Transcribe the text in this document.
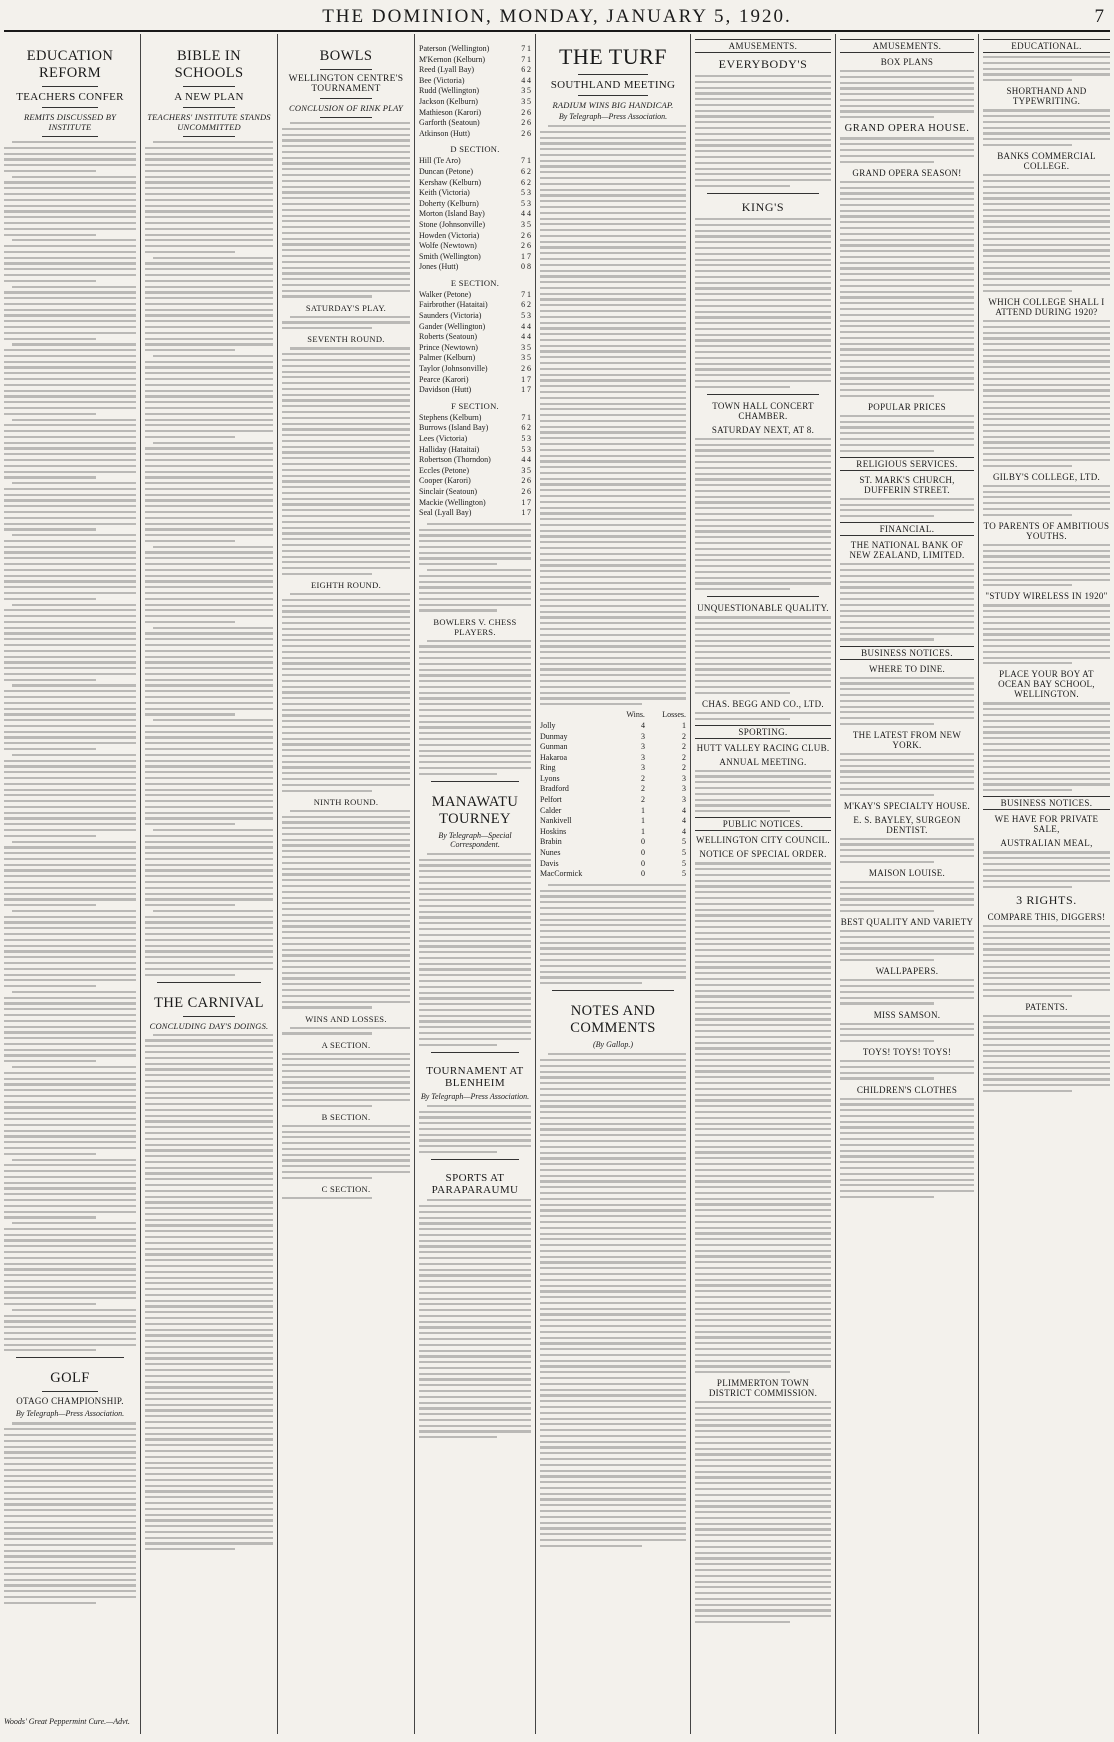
THE DOMINION, MONDAY, JANUARY 5, 1920.	7
EDUCATION REFORM
TEACHERS CONFER
REMITS DISCUSSED BY INSTITUTE
GOLF
OTAGO CHAMPIONSHIP.
By Telegraph—Press Association.
Woods' Great Peppermint Cure.—Advt.
BIBLE IN SCHOOLS
A NEW PLAN
TEACHERS' INSTITUTE STANDS UNCOMMITTED
THE CARNIVAL
CONCLUDING DAY'S DOINGS.
BOWLS
WELLINGTON CENTRE'S TOURNAMENT
CONCLUSION OF RINK PLAY
SATURDAY'S PLAY.
SEVENTH ROUND.
EIGHTH ROUND.
NINTH ROUND.
WINS AND LOSSES.
A SECTION.
B SECTION.
C SECTION.
Paterson (Wellington)	7	1
M'Kernon (Kelburn)	7	1
Reed (Lyall Bay)	6	2
Bee (Victoria)	4	4
Rudd (Wellington)	3	5
Jackson (Kelburn)	3	5
Mathieson (Karori)	2	6
Garforth (Seatoun)	2	6
Atkinson (Hutt)	2	6
D SECTION.
Hill (Te Aro)	7	1
Duncan (Petone)	6	2
Kershaw (Kelburn)	6	2
Keith (Victoria)	5	3
Doherty (Kelburn)	5	3
Morton (Island Bay)	4	4
Stone (Johnsonville)	3	5
Howden (Victoria)	2	6
Wolfe (Newtown)	2	6
Smith (Wellington)	1	7
Jones (Hutt)	0	8
E SECTION.
Walker (Petone)	7	1
Fairbrother (Hataitai)	6	2
Saunders (Victoria)	5	3
Gander (Wellington)	4	4
Roberts (Seatoun)	4	4
Prince (Newtown)	3	5
Palmer (Kelburn)	3	5
Taylor (Johnsonville)	2	6
Pearce (Karori)	1	7
Davidson (Hutt)	1	7
F SECTION.
Stephens (Kelburn)	7	1
Burrows (Island Bay)	6	2
Lees (Victoria)	5	3
Halliday (Hataitai)	5	3
Robertson (Thorndon)	4	4
Eccles (Petone)	3	5
Cooper (Karori)	2	6
Sinclair (Seatoun)	2	6
Mackie (Wellington)	1	7
Seal (Lyall Bay)	1	7
BOWLERS V. CHESS PLAYERS.
MANAWATU TOURNEY
By Telegraph—Special Correspondent.
TOURNAMENT AT BLENHEIM
By Telegraph—Press Association.
SPORTS AT PARAPARAUMU
THE TURF
SOUTHLAND MEETING
RADIUM WINS BIG HANDICAP.
By Telegraph—Press Association.
	Wins.	Losses.
Jolly	4	1
Dunmay	3	2
Gunman	3	2
Hakaroa	3	2
Ring	3	2
Lyons	2	3
Bradford	2	3
Pelfort	2	3
Calder	1	4
Nankivell	1	4
Hoskins	1	4
Brabin	0	5
Nunes	0	5
Davis	0	5
MacCormick	0	5
NOTES AND COMMENTS
(By Gallop.)
AMUSEMENTS.
EVERYBODY'S
KING'S
TOWN HALL CONCERT CHAMBER.
SATURDAY NEXT, AT 8.
UNQUESTIONABLE QUALITY.
CHAS. BEGG AND CO., LTD.
SPORTING.
HUTT VALLEY RACING CLUB.
ANNUAL MEETING.
PUBLIC NOTICES.
WELLINGTON CITY COUNCIL.
NOTICE OF SPECIAL ORDER.
PLIMMERTON TOWN DISTRICT COMMISSION.
AMUSEMENTS.
BOX PLANS
GRAND OPERA HOUSE.
GRAND OPERA SEASON!
POPULAR PRICES
RELIGIOUS SERVICES.
ST. MARK'S CHURCH, DUFFERIN STREET.
FINANCIAL.
THE NATIONAL BANK OF NEW ZEALAND, LIMITED.
BUSINESS NOTICES.
WHERE TO DINE.
THE LATEST FROM NEW YORK.
M'KAY'S SPECIALTY HOUSE.
E. S. BAYLEY, SURGEON DENTIST.
MAISON LOUISE.
BEST QUALITY AND VARIETY
WALLPAPERS.
MISS SAMSON.
TOYS! TOYS! TOYS!
CHILDREN'S CLOTHES
EDUCATIONAL.
SHORTHAND AND TYPEWRITING.
BANKS COMMERCIAL COLLEGE.
WHICH COLLEGE SHALL I ATTEND DURING 1920?
GILBY'S COLLEGE, LTD.
TO PARENTS OF AMBITIOUS YOUTHS.
"STUDY WIRELESS IN 1920"
PLACE YOUR BOY AT OCEAN BAY SCHOOL, WELLINGTON.
BUSINESS NOTICES.
WE HAVE FOR PRIVATE SALE,
AUSTRALIAN MEAL,
3 RIGHTS.
COMPARE THIS, DIGGERS!
PATENTS.
